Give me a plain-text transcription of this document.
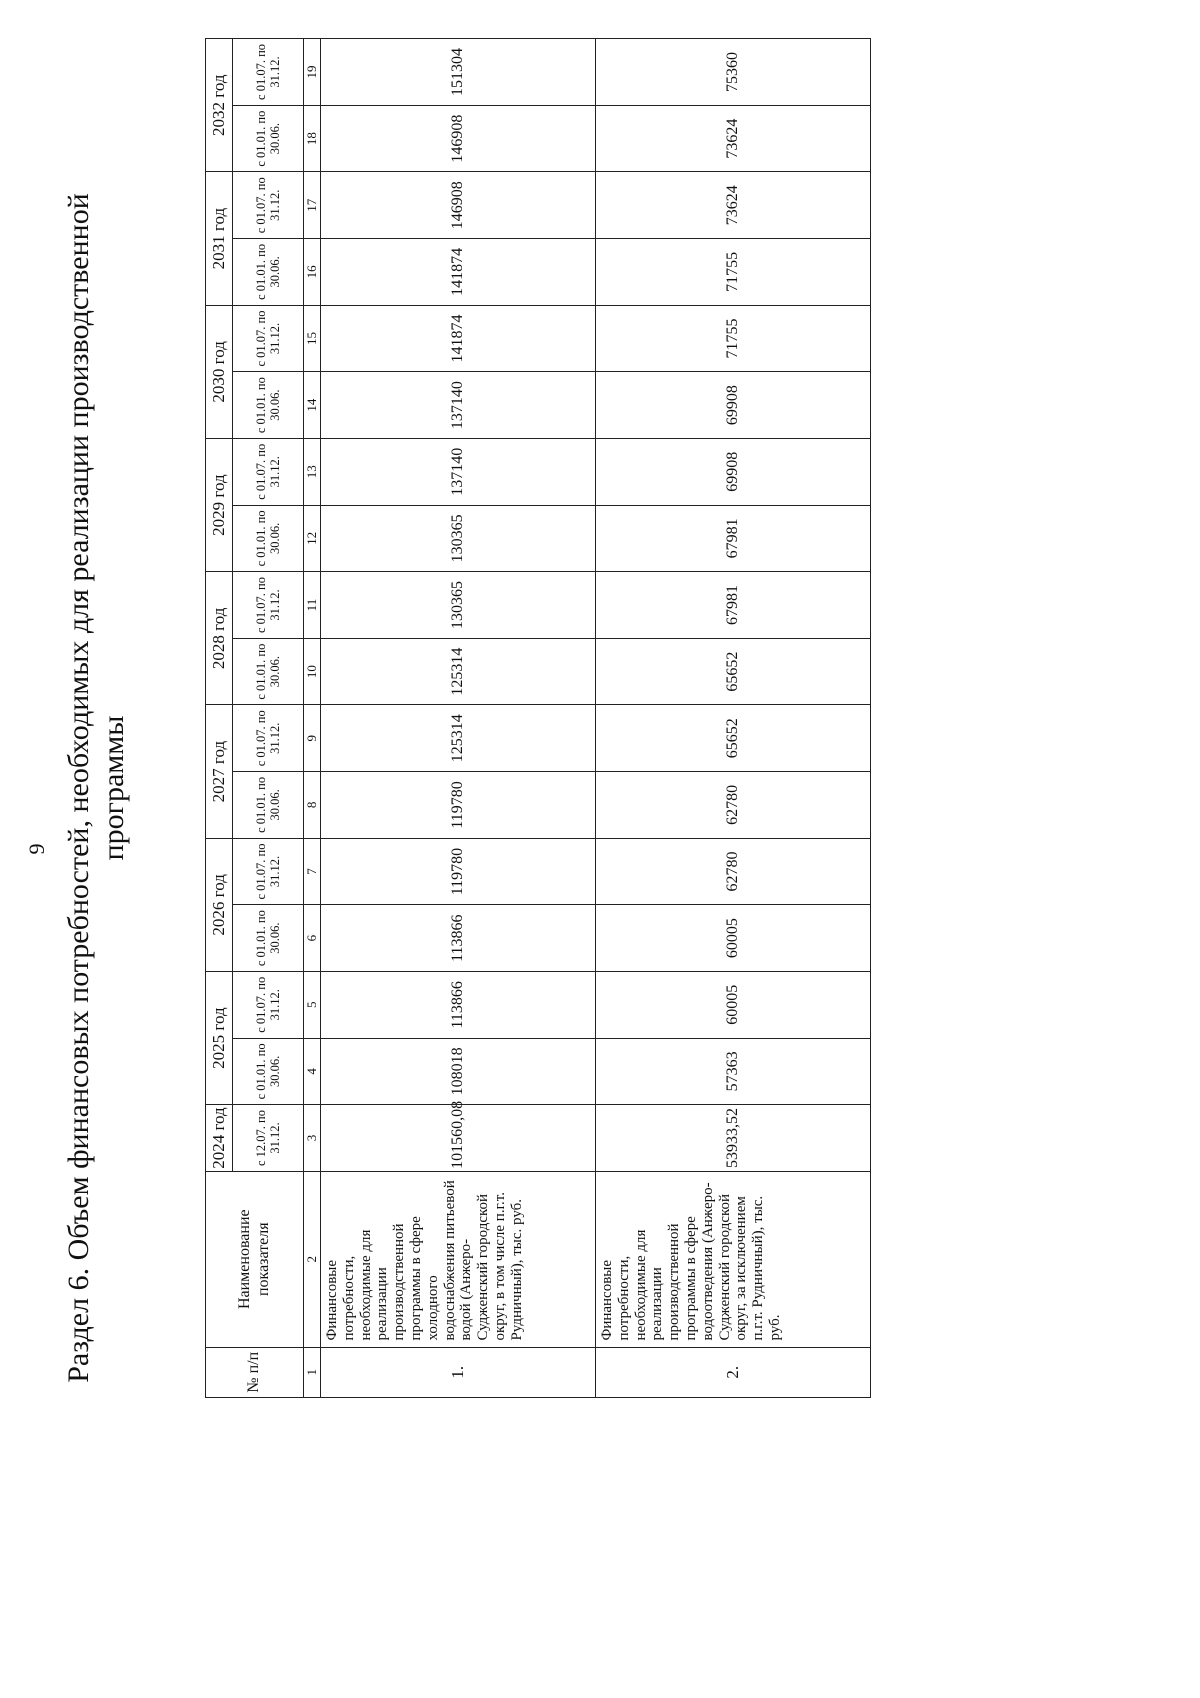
9 Раздел 6. Объем финансовых потребностей, необходимых для реализации производственной программы
№ п/п	Наименование показателя	2024 год	2025 год		2026 год		2027 год		2028 год		2029 год		2030 год		2031 год		2032 год	
		с 12.07. по 31.12.	с 01.01. по 30.06.	с 01.07. по 31.12.	с 01.01. по 30.06.	с 01.07. по 31.12.	с 01.01. по 30.06.	с 01.07. по 31.12.	с 01.01. по 30.06.	с 01.07. по 31.12.	с 01.01. по 30.06.	с 01.07. по 31.12.	с 01.01. по 30.06.	с 01.07. по 31.12.	с 01.01. по 30.06.	с 01.07. по 31.12.	с 01.01. по 30.06.	с 01.07. по 31.12.
1	2	3	4	5	6	7	8	9	10	11	12	13	14	15	16	17	18	19
1.	Финансовые потребности, необходимые для реализации производственной программы в сфере холодного водоснабжения питьевой водой (Анжеро-Судженский городской округ, в том числе п.г.т. Рудничный), тыс. руб.	101560,08	108018	113866	113866	119780	119780	125314	125314	130365	130365	137140	137140	141874	141874	146908	146908	151304
2.	Финансовые потребности, необходимые для реализации производственной программы в сфере водоотведения (Анжеро-Судженский городской округ, за исключением п.г.т. Рудничный), тыс. руб.	53933,52	57363	60005	60005	62780	62780	65652	65652	67981	67981	69908	69908	71755	71755	73624	73624	75360
